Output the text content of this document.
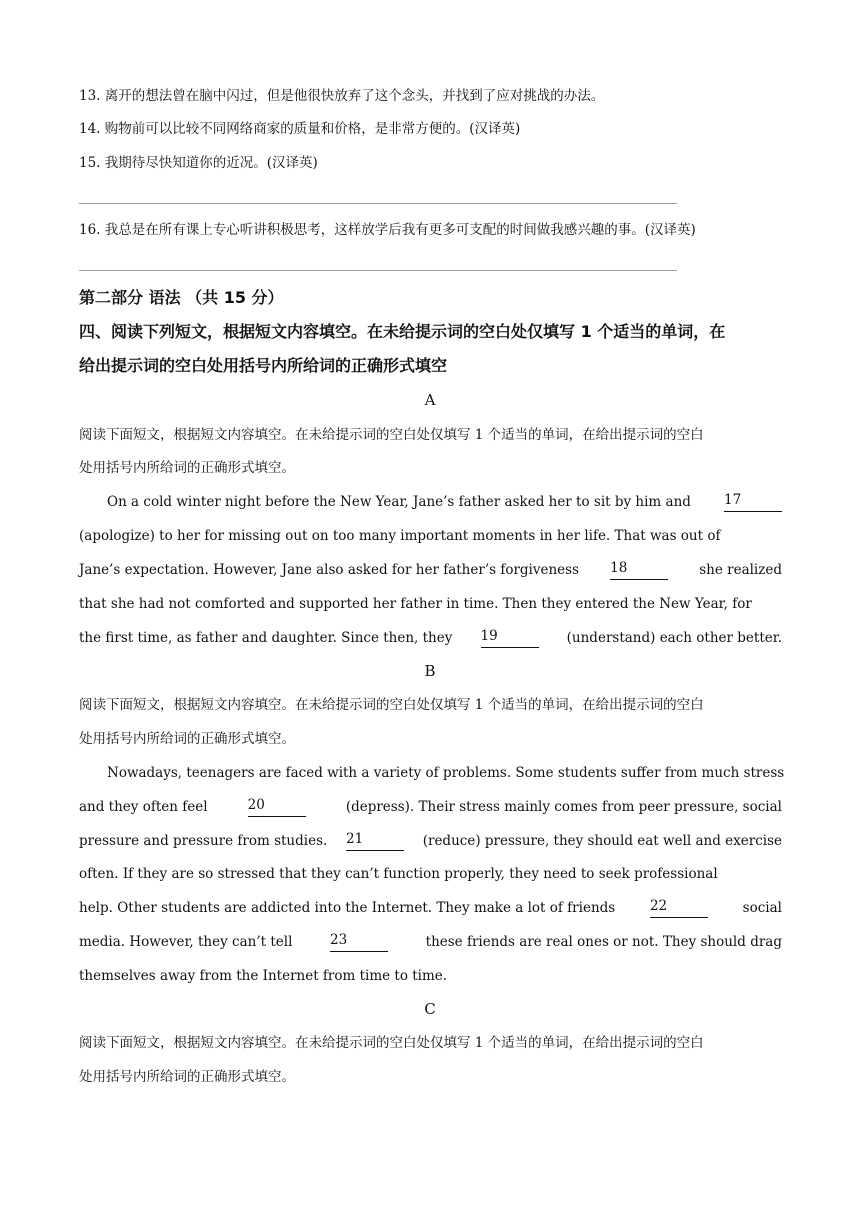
13. 离开的想法曾在脑中闪过，但是他很快放弃了这个念头，并找到了应对挑战的办法。
14. 购物前可以比较不同网络商家的质量和价格，是非常方便的。(汉译英)
15. 我期待尽快知道你的近况。(汉译英)
16. 我总是在所有课上专心听讲积极思考，这样放学后我有更多可支配的时间做我感兴趣的事。(汉译英)
第二部分 语法 （共 15 分）
四、阅读下列短文，根据短文内容填空。在未给提示词的空白处仅填写 1 个适当的单词，在
给出提示词的空白处用括号内所给词的正确形式填空
A
阅读下面短文，根据短文内容填空。在未给提示词的空白处仅填写 1 个适当的单词，在给出提示词的空白
处用括号内所给词的正确形式填空。
On a cold winter night before the New Year, Jane’s father asked her to sit by him and 17
(apologize) to her for missing out on too many important moments in her life. That was out of
Jane’s expectation. However, Jane also asked for her father’s forgiveness 18	she realized
that she had not comforted and supported her father in time. Then they entered the New Year, for
the first time, as father and daughter. Since then, they 19	(understand) each other better.
B
阅读下面短文，根据短文内容填空。在未给提示词的空白处仅填写 1 个适当的单词，在给出提示词的空白
处用括号内所给词的正确形式填空。
Nowadays, teenagers are faced with a variety of problems. Some students suffer from much stress
and they often feel	20	(depress). Their stress mainly comes from peer pressure, social
pressure and pressure from studies. 21	(reduce) pressure, they should eat well and exercise
often. If they are so stressed that they can’t function properly, they need to seek professional
help. Other students are addicted into the Internet. They make a lot of friends	22	social
media. However, they can’t tell	23	these friends are real ones or not. They should drag
themselves away from the Internet from time to time.
C
阅读下面短文，根据短文内容填空。在未给提示词的空白处仅填写 1 个适当的单词，在给出提示词的空白
处用括号内所给词的正确形式填空。
